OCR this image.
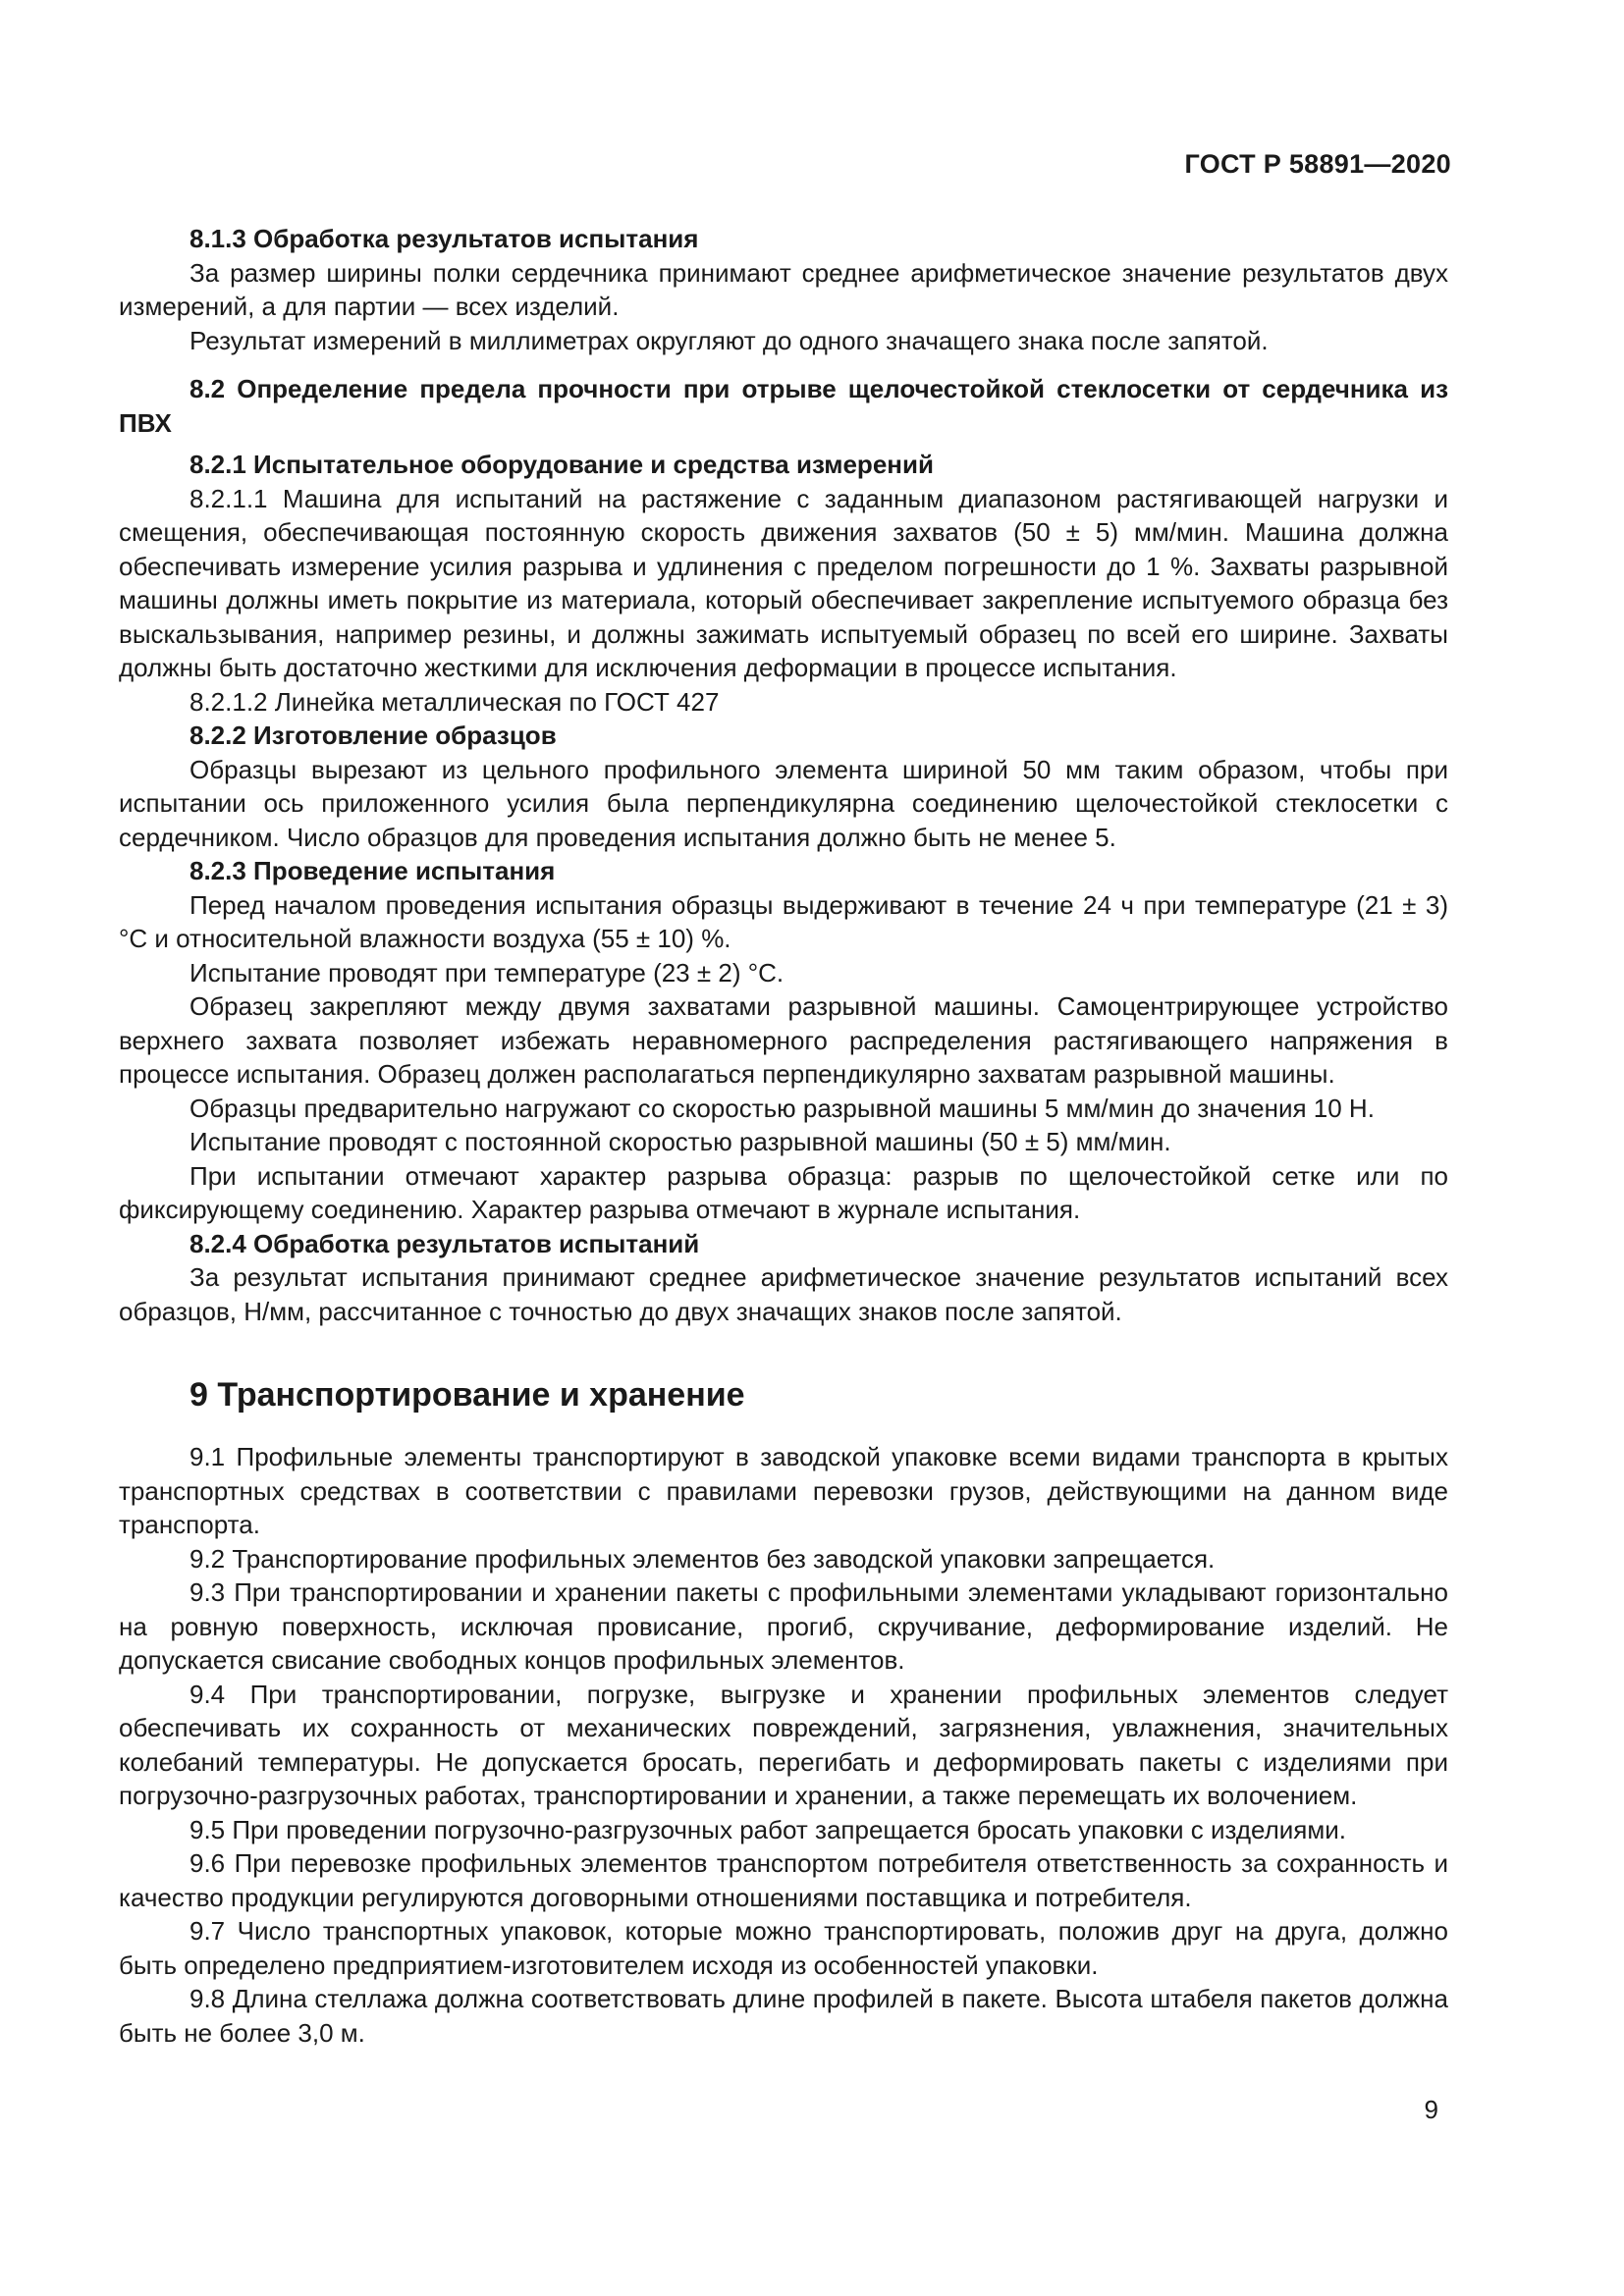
ГОСТ Р 58891—2020

8.1.3 Обработка результатов испытания

За размер ширины полки сердечника принимают среднее арифметическое значение результатов двух измерений, а для партии — всех изделий.

Результат измерений в миллиметрах округляют до одного значащего знака после запятой.

8.2 Определение предела прочности при отрыве щелочестойкой стеклосетки от сердечника из ПВХ

8.2.1 Испытательное оборудование и средства измерений

8.2.1.1 Машина для испытаний на растяжение с заданным диапазоном растягивающей нагрузки и смещения, обеспечивающая постоянную скорость движения захватов (50 ± 5) мм/мин. Машина должна обеспечивать измерение усилия разрыва и удлинения с пределом погрешности до 1 %. Захваты разрывной машины должны иметь покрытие из материала, который обеспечивает закрепление испытуемого образца без выскальзывания, например резины, и должны зажимать испытуемый образец по всей его ширине. Захваты должны быть достаточно жесткими для исключения деформации в процессе испытания.

8.2.1.2 Линейка металлическая по ГОСТ 427

8.2.2 Изготовление образцов

Образцы вырезают из цельного профильного элемента шириной 50 мм таким образом, чтобы при испытании ось приложенного усилия была перпендикулярна соединению щелочестойкой стеклосетки с сердечником. Число образцов для проведения испытания должно быть не менее 5.

8.2.3 Проведение испытания

Перед началом проведения испытания образцы выдерживают в течение 24 ч при температуре (21 ± 3) °С и относительной влажности воздуха (55 ± 10) %.

Испытание проводят при температуре (23 ± 2) °С.

Образец закрепляют между двумя захватами разрывной машины. Самоцентрирующее устройство верхнего захвата позволяет избежать неравномерного распределения растягивающего напряжения в процессе испытания. Образец должен располагаться перпендикулярно захватам разрывной машины.

Образцы предварительно нагружают со скоростью разрывной машины 5 мм/мин до значения 10 Н.

Испытание проводят с постоянной скоростью разрывной машины (50 ± 5) мм/мин.

При испытании отмечают характер разрыва образца: разрыв по щелочестойкой сетке или по фиксирующему соединению. Характер разрыва отмечают в журнале испытания.

8.2.4 Обработка результатов испытаний

За результат испытания принимают среднее арифметическое значение результатов испытаний всех образцов, Н/мм, рассчитанное с точностью до двух значащих знаков после запятой.

9 Транспортирование и хранение

9.1 Профильные элементы транспортируют в заводской упаковке всеми видами транспорта в крытых транспортных средствах в соответствии с правилами перевозки грузов, действующими на данном виде транспорта.

9.2 Транспортирование профильных элементов без заводской упаковки запрещается.

9.3 При транспортировании и хранении пакеты с профильными элементами укладывают горизонтально на ровную поверхность, исключая провисание, прогиб, скручивание, деформирование изделий. Не допускается свисание свободных концов профильных элементов.

9.4 При транспортировании, погрузке, выгрузке и хранении профильных элементов следует обеспечивать их сохранность от механических повреждений, загрязнения, увлажнения, значительных колебаний температуры. Не допускается бросать, перегибать и деформировать пакеты с изделиями при погрузочно-разгрузочных работах, транспортировании и хранении, а также перемещать их волочением.

9.5 При проведении погрузочно-разгрузочных работ запрещается бросать упаковки с изделиями.

9.6 При перевозке профильных элементов транспортом потребителя ответственность за сохранность и качество продукции регулируются договорными отношениями поставщика и потребителя.

9.7 Число транспортных упаковок, которые можно транспортировать, положив друг на друга, должно быть определено предприятием-изготовителем исходя из особенностей упаковки.

9.8 Длина стеллажа должна соответствовать длине профилей в пакете. Высота штабеля пакетов должна быть не более 3,0 м.

9
